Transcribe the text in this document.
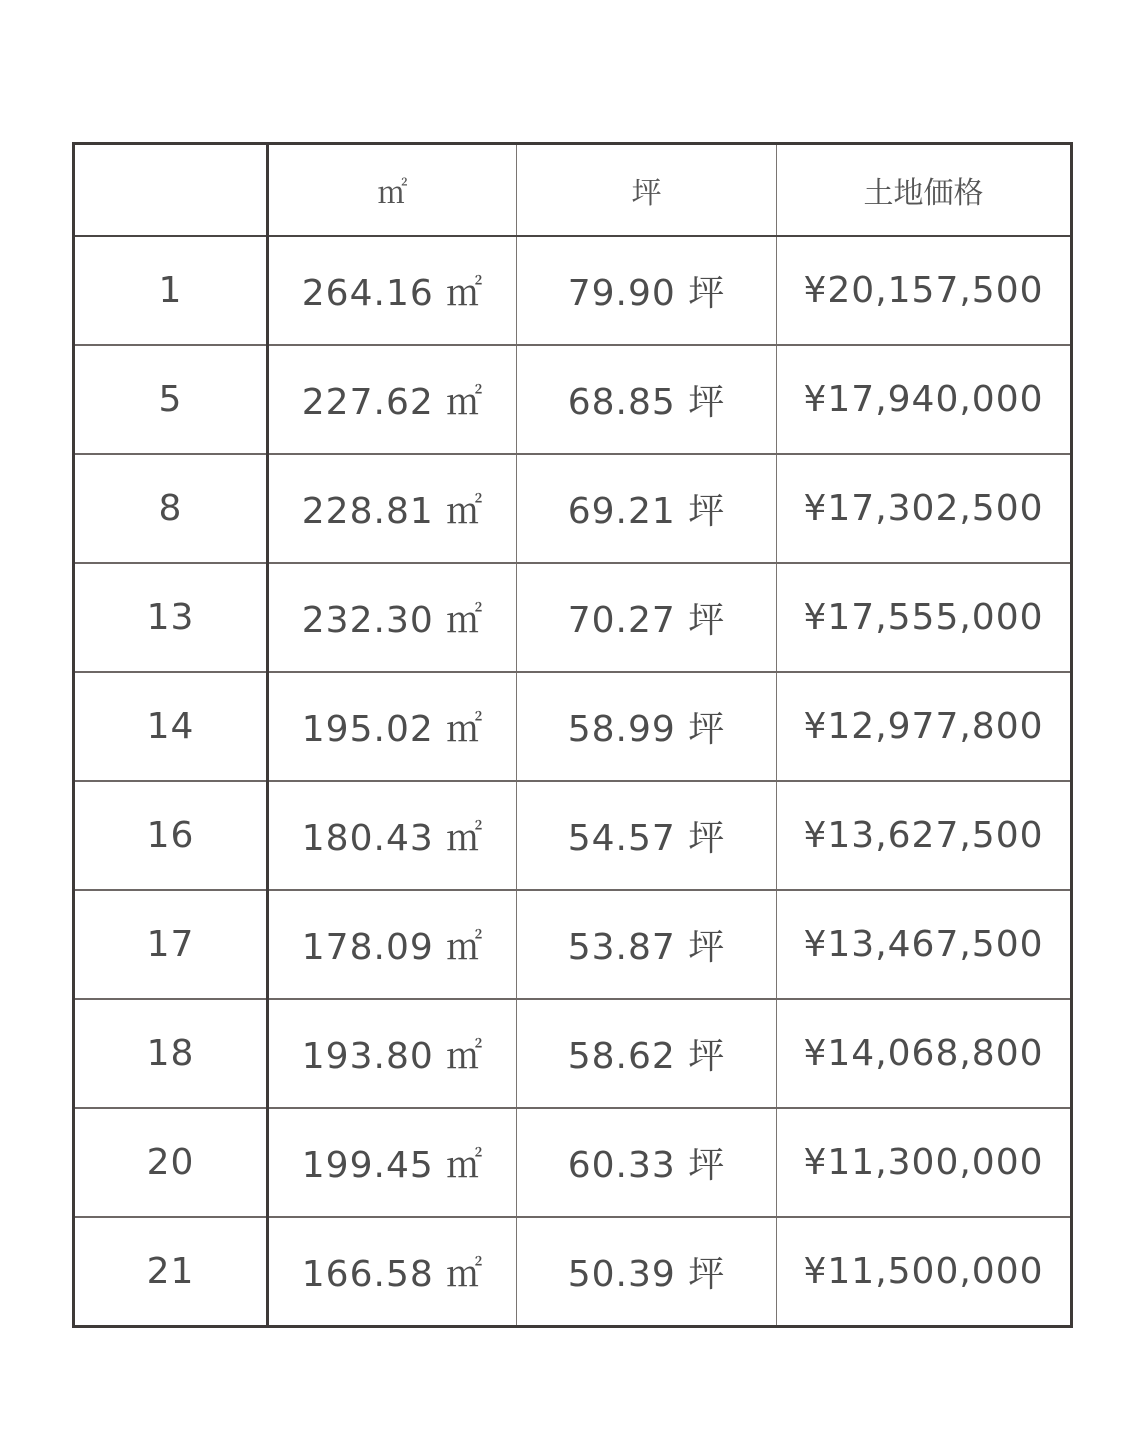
	㎡	坪	土地価格
1	264.16 ㎡	79.90 坪	¥20,157,500
5	227.62 ㎡	68.85 坪	¥17,940,000
8	228.81 ㎡	69.21 坪	¥17,302,500
13	232.30 ㎡	70.27 坪	¥17,555,000
14	195.02 ㎡	58.99 坪	¥12,977,800
16	180.43 ㎡	54.57 坪	¥13,627,500
17	178.09 ㎡	53.87 坪	¥13,467,500
18	193.80 ㎡	58.62 坪	¥14,068,800
20	199.45 ㎡	60.33 坪	¥11,300,000
21	166.58 ㎡	50.39 坪	¥11,500,000
